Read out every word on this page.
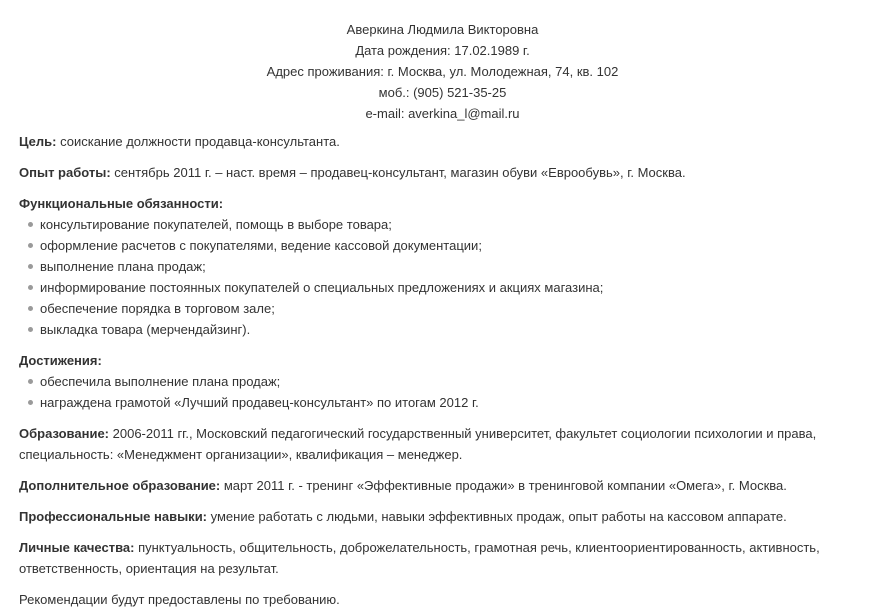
Аверкина Людмила Викторовна
Дата рождения: 17.02.1989 г.
Адрес проживания: г. Москва, ул. Молодежная, 74, кв. 102
моб.: (905) 521-35-25
e-mail: averkina_l@mail.ru

Цель: соискание должности продавца-консультанта.

Опыт работы: сентябрь 2011 г. – наст. время – продавец-консультант, магазин обуви «Еврообувь», г. Москва.

Функциональные обязанности:
консультирование покупателей, помощь в выборе товара;
оформление расчетов с покупателями, ведение кассовой документации;
выполнение плана продаж;
информирование постоянных покупателей о специальных предложениях и акциях магазина;
обеспечение порядка в торговом зале;
выкладка товара (мерчендайзинг).
Достижения:
обеспечила выполнение плана продаж;
награждена грамотой «Лучший продавец-консультант» по итогам 2012 г.

Образование: 2006-2011 гг., Московский педагогический государственный университет, факультет социологии психологии и права, специальность: «Менеджмент организации», квалификация – менеджер.

Дополнительное образование: март 2011 г. - тренинг «Эффективные продажи» в тренинговой компании «Омега», г. Москва.

Профессиональные навыки: умение работать с людьми, навыки эффективных продаж, опыт работы на кассовом аппарате.

Личные качества: пунктуальность, общительность, доброжелательность, грамотная речь, клиентоориентированность, активность, ответственность, ориентация на результат.

Рекомендации будут предоставлены по требованию.
